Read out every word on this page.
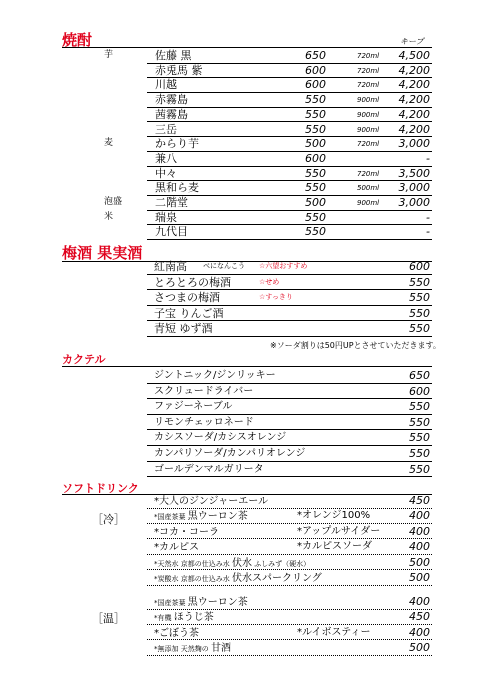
焼酎	キープ
芋
麦
泡盛
米
佐藤 黒	650	720ml 4,500
赤兎馬 紫	600	720ml 4,200
川越	600	720ml 4,200
赤霧島	550	900ml 4,200
茜霧島	550	900ml 4,200
三岳	550	900ml 4,200
からり芋	500	720ml 3,000
兼八	600	-
中々	550	720ml 3,500
黒和ら麦	550	500ml 3,000
二階堂	500	900ml 3,000
瑞泉	550	-
九代目	550	-
梅酒 果実酒
紅南高 べになんこう ☆六望おすすめ	600
とろとろの梅酒	☆せめ	550
さつまの梅酒	☆すっきり	550
子宝 りんご酒	550
青短 ゆず酒	550
※ソーダ割りは50円UPとさせていただきます。
カクテル
ジントニック/ジンリッキー	650
スクリュードライバー	600
ファジーネーブル	550
リモンチェッロネード	550
カシスソーダ/カシスオレンジ	550
カンパリソーダ/カンパリオレンジ	550
ゴールデンマルガリータ	550
ソフトドリンク
［冷］
［温］
*大人のジンジャーエール	450
*国産茶葉 黒ウーロン茶	*オレンジ100%	400
*コカ・コーラ	*アップルサイダー	400
*カルピス	*カルピスソーダ	400
*天然水 京都の仕込み水 伏水 ふしみず（硬水）	500
*炭酸水 京都の仕込み水 伏水スパークリング	500
*国産茶葉 黒ウーロン茶	400
*有機 ほうじ茶	450
*ごぼう茶	*ルイボスティー	400
*無添加 天然麹の 甘酒	500
